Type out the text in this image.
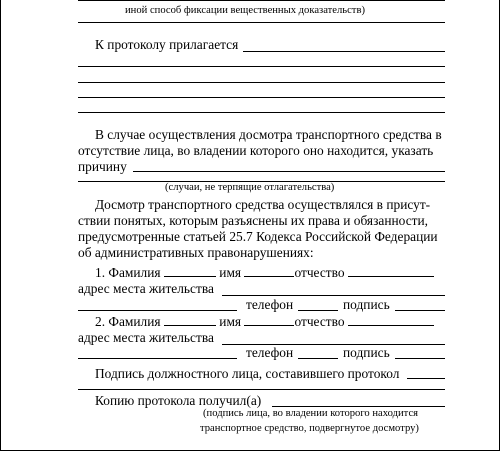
иной способ фиксации вещественных доказательств)
К протоколу прилагается
В случае осуществления досмотра транспортного средства в
отсутствие лица, во владении которого оно находится, указать
причину
(случаи, не терпящие отлагательства)
Досмотр транспортного средства осуществлялся в присут-
ствии понятых, которым разъяснены их права и обязанности,
предусмотренные статьей 25.7 Кодекса Российской Федерации
об административных правонарушениях:
1. Фамилия	имя	отчество
адрес места жительства
телефон	подпись
2. Фамилия	имя	отчество
адрес места жительства
телефон	подпись
Подпись должностного лица, составившего протокол
Копию протокола получил(а)
(подпись лица, во владении которого находится
транспортное средство, подвергнутое досмотру)
